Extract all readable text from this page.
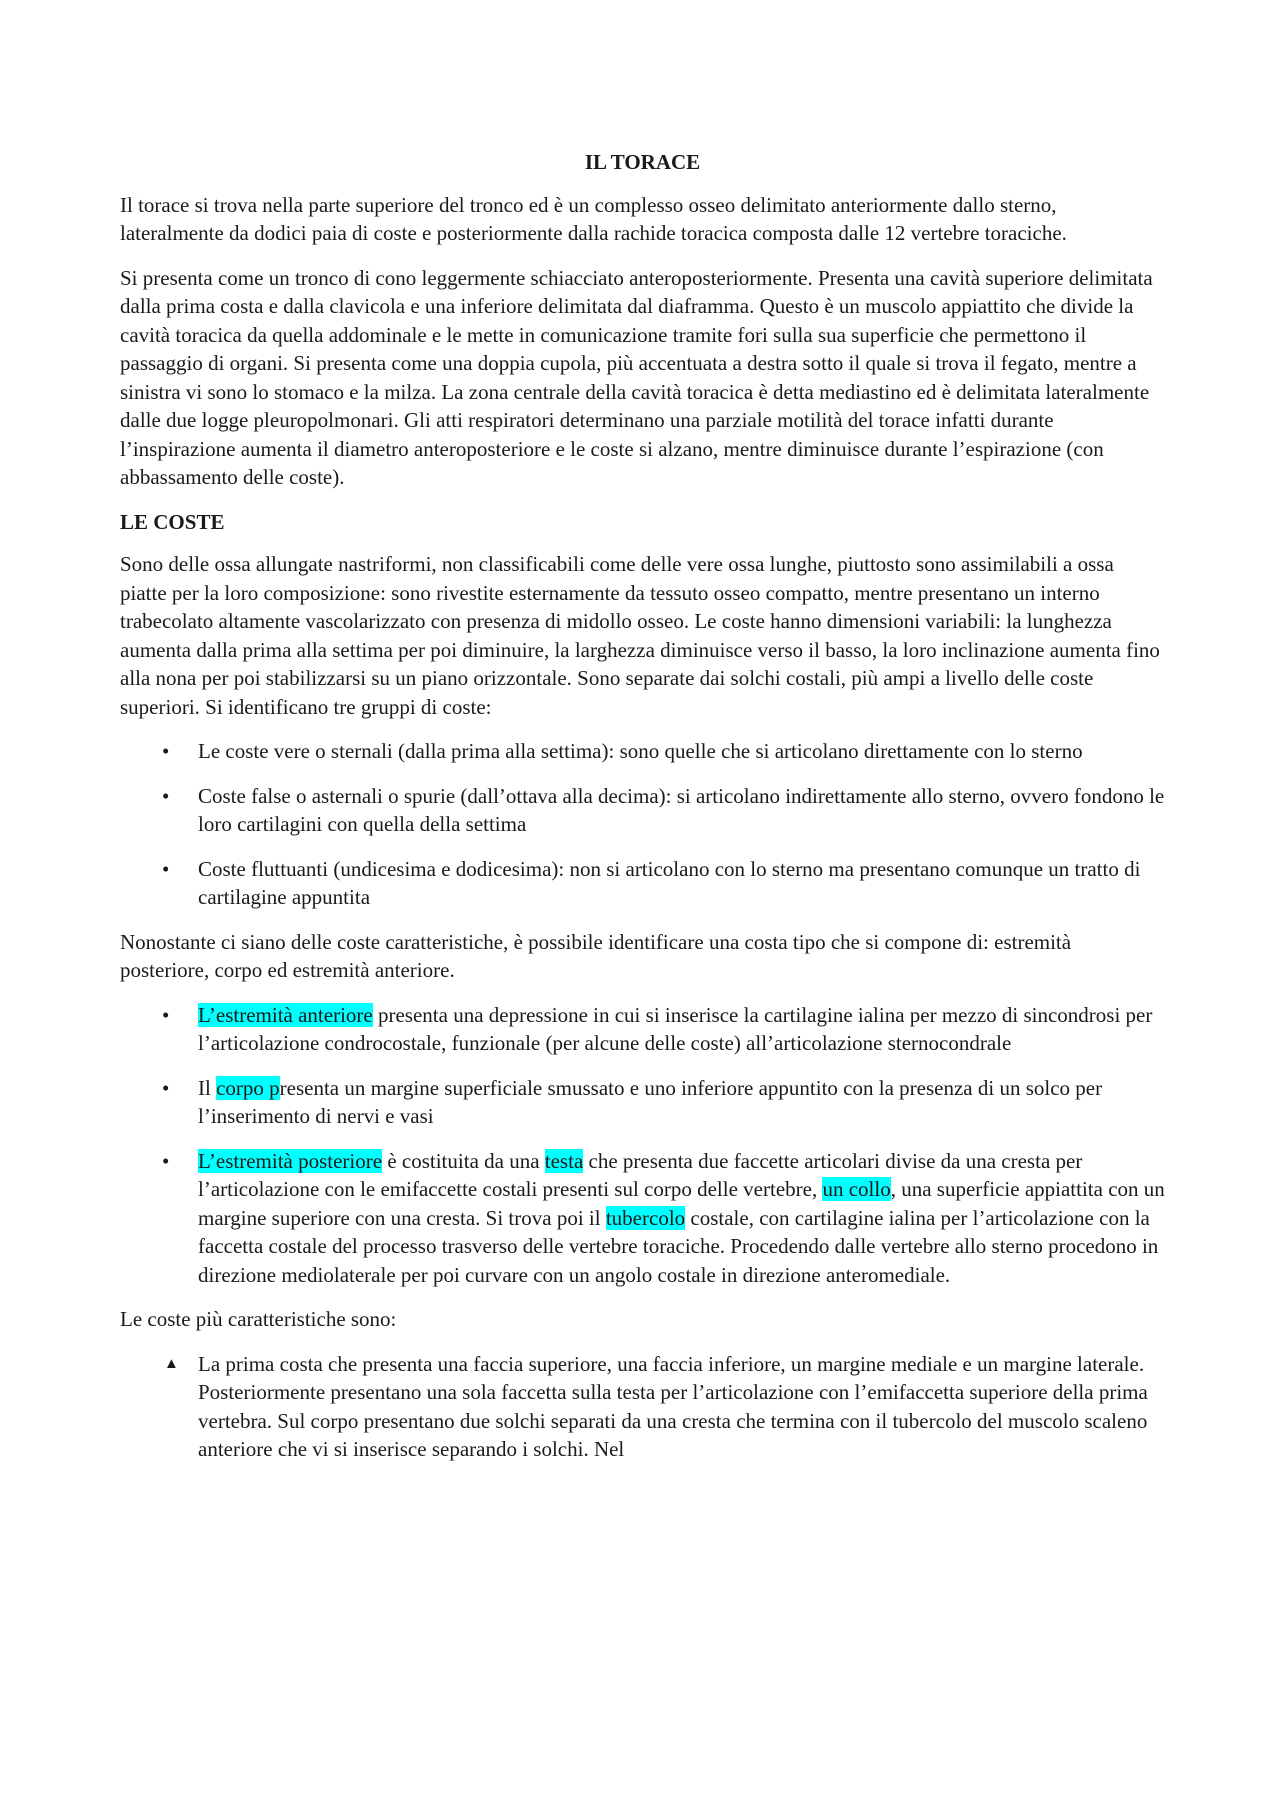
IL TORACE

Il torace si trova nella parte superiore del tronco ed è un complesso osseo delimitato anteriormente dallo sterno, lateralmente da dodici paia di coste e posteriormente dalla rachide toracica composta dalle 12 vertebre toraciche.

Si presenta come un tronco di cono leggermente schiacciato anteroposteriormente. Presenta una cavità superiore delimitata dalla prima costa e dalla clavicola e una inferiore delimitata dal diaframma. Questo è un muscolo appiattito che divide la cavità toracica da quella addominale e le mette in comunicazione tramite fori sulla sua superficie che permettono il passaggio di organi. Si presenta come una doppia cupola, più accentuata a destra sotto il quale si trova il fegato, mentre a sinistra vi sono lo stomaco e la milza. La zona centrale della cavità toracica è detta mediastino ed è delimitata lateralmente dalle due logge pleuropolmonari. Gli atti respiratori determinano una parziale motilità del torace infatti durante l’inspirazione aumenta il diametro anteroposteriore e le coste si alzano, mentre diminuisce durante l’espirazione (con abbassamento delle coste).

LE COSTE

Sono delle ossa allungate nastriformi, non classificabili come delle vere ossa lunghe, piuttosto sono assimilabili a ossa piatte per la loro composizione: sono rivestite esternamente da tessuto osseo compatto, mentre presentano un interno trabecolato altamente vascolarizzato con presenza di midollo osseo. Le coste hanno dimensioni variabili: la lunghezza aumenta dalla prima alla settima per poi diminuire, la larghezza diminuisce verso il basso, la loro inclinazione aumenta fino alla nona per poi stabilizzarsi su un piano orizzontale. Sono separate dai solchi costali, più ampi a livello delle coste superiori. Si identificano tre gruppi di coste:

•	Le coste vere o sternali (dalla prima alla settima): sono quelle che si articolano direttamente con lo sterno
•	Coste false o asternali o spurie (dall’ottava alla decima): si articolano indirettamente allo sterno, ovvero fondono le loro cartilagini con quella della settima
•	Coste fluttuanti (undicesima e dodicesima): non si articolano con lo sterno ma presentano comunque un tratto di cartilagine appuntita

Nonostante ci siano delle coste caratteristiche, è possibile identificare una costa tipo che si compone di: estremità posteriore, corpo ed estremità anteriore.

•	L’estremità anteriore presenta una depressione in cui si inserisce la cartilagine ialina per mezzo di sincondrosi per l’articolazione condrocostale, funzionale (per alcune delle coste) all’articolazione sternocondrale
•	Il corpo presenta un margine superficiale smussato e uno inferiore appuntito con la presenza di un solco per l’inserimento di nervi e vasi
•	L’estremità posteriore è costituita da una testa che presenta due faccette articolari divise da una cresta per l’articolazione con le emifaccette costali presenti sul corpo delle vertebre, un collo, una superficie appiattita con un margine superiore con una cresta. Si trova poi il tubercolo costale, con cartilagine ialina per l’articolazione con la faccetta costale del processo trasverso delle vertebre toraciche. Procedendo dalle vertebre allo sterno procedono in direzione mediolaterale per poi curvare con un angolo costale in direzione anteromediale.

Le coste più caratteristiche sono:

▲ La prima costa che presenta una faccia superiore, una faccia inferiore, un margine mediale e un margine laterale. Posteriormente presentano una sola faccetta sulla testa per l’articolazione con l’emifaccetta superiore della prima vertebra. Sul corpo presentano due solchi separati da una cresta che termina con il tubercolo del muscolo scaleno anteriore che vi si inserisce separando i solchi. Nel
